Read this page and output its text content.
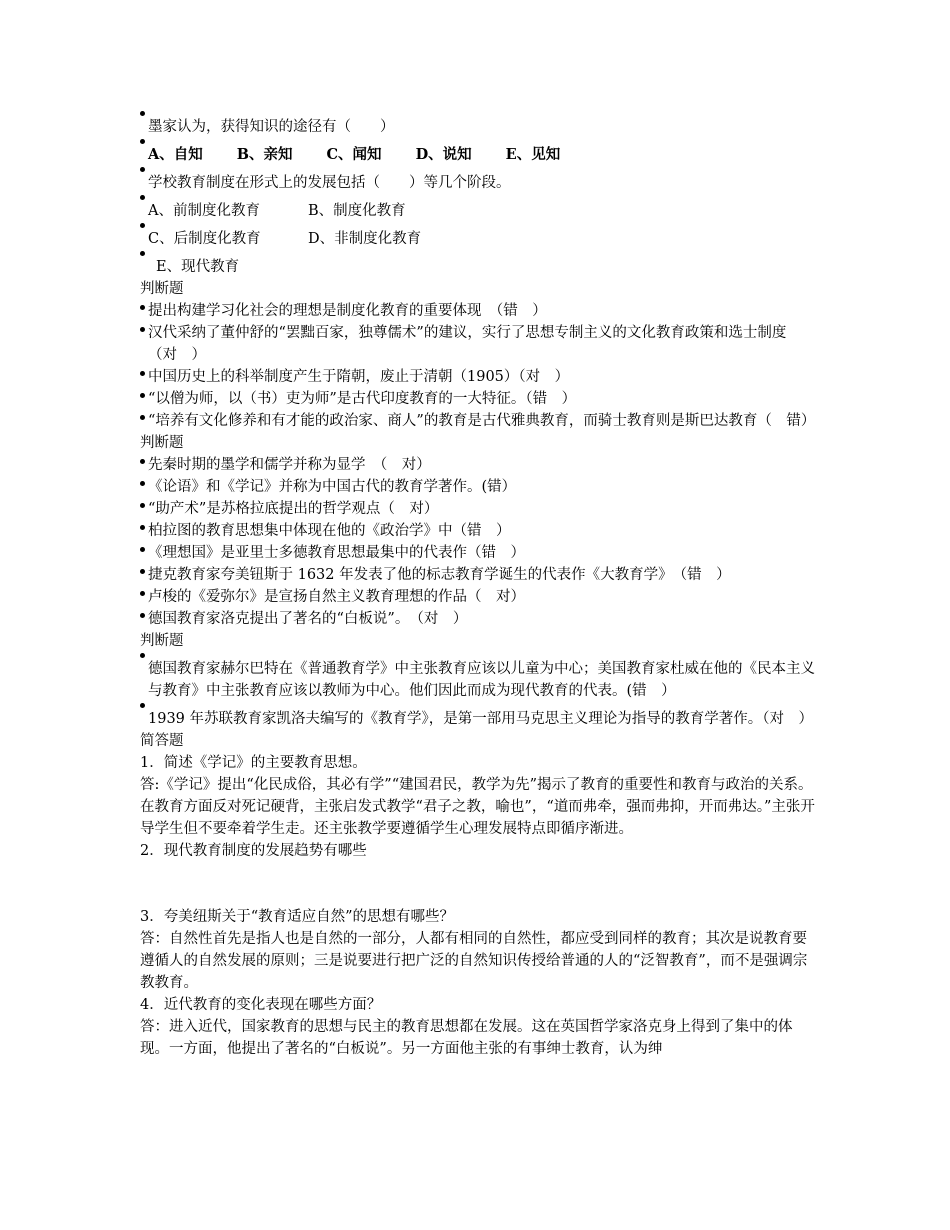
墨家认为，获得知识的途径有（　　）
A、自知 B、亲知 C、闻知 D、说知 E、见知
学校教育制度在形式上的发展包括（　　）等几个阶段。
A、前制度化教育	B、制度化教育
C、后制度化教育	D、非制度化教育
E、现代教育
判断题
提出构建学习化社会的理想是制度化教育的重要体现　（错　）
汉代采纳了董仲舒的“罢黜百家，独尊儒术”的建议，实行了思想专制主义的文化教育政策和选士制度（对　）
中国历史上的科举制度产生于隋朝，废止于清朝（1905）（对　）
“以僧为师，以（书）吏为师”是古代印度教育的一大特征。（错　）
“培养有文化修养和有才能的政治家、商人”的教育是古代雅典教育，而骑士教育则是斯巴达教育（　错）
判断题
先秦时期的墨学和儒学并称为显学　（　对）
《论语》和《学记》并称为中国古代的教育学著作。(错）
“助产术”是苏格拉底提出的哲学观点（　对）
柏拉图的教育思想集中体现在他的《政治学》中（错　）
《理想国》是亚里士多德教育思想最集中的代表作（错　）
捷克教育家夸美钮斯于 1632 年发表了他的标志教育学诞生的代表作《大教育学》　（错　）
卢梭的《爱弥尔》是宣扬自然主义教育理想的作品（　对）
德国教育家洛克提出了著名的“白板说”。　（对　）
判断题
德国教育家赫尔巴特在《普通教育学》中主张教育应该以儿童为中心；美国教育家杜威在他的《民本主义与教育》中主张教育应该以教师为中心。他们因此而成为现代教育的代表。(错　）
1939 年苏联教育家凯洛夫编写的《教育学》，是第一部用马克思主义理论为指导的教育学著作。（对　）
简答题
1．简述《学记》的主要教育思想。
答:《学记》提出“化民成俗，其必有学”“建国君民，教学为先”揭示了教育的重要性和教育与政治的关系。在教育方面反对死记硬背，主张启发式教学“君子之教，喻也”，“道而弗牵，强而弗抑，开而弗达。”主张开导学生但不要牵着学生走。还主张教学要遵循学生心理发展特点即循序渐进。
2．现代教育制度的发展趋势有哪些
3．夸美纽斯关于“教育适应自然”的思想有哪些？
答：自然性首先是指人也是自然的一部分，人都有相同的自然性，都应受到同样的教育；其次是说教育要遵循人的自然发展的原则；三是说要进行把广泛的自然知识传授给普通的人的“泛智教育”，而不是强调宗教教育。
4．近代教育的变化表现在哪些方面？
答：进入近代，国家教育的思想与民主的教育思想都在发展。这在英国哲学家洛克身上得到了集中的体现。一方面，他提出了著名的“白板说”。另一方面他主张的有事绅士教育，认为绅
